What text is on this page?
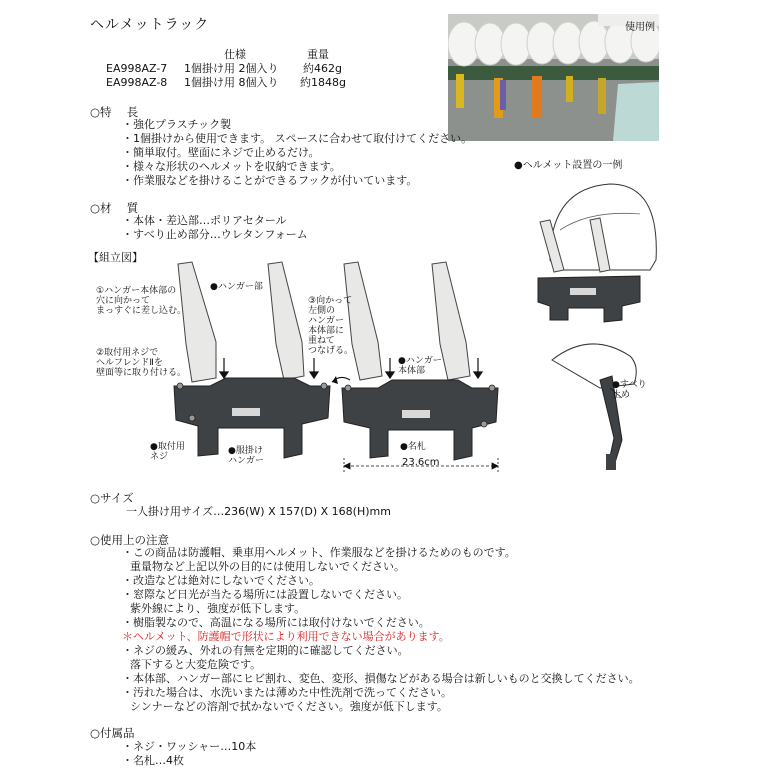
ヘルメットラック
仕様	重量
EA998AZ-7 1個掛け用 2個入り 約462g
EA998AZ-8 1個掛け用 8個入り 約1848g
使用例
○特　 長
・強化プラスチック製
・1個掛けから使用できます。 スペースに合わせて取付けてください。
・簡単取付。壁面にネジで止めるだけ。
・様々な形状のヘルメットを収納できます。
・作業服などを掛けることができるフックが付いています。
○材　 質
・本体・差込部…ポリアセタール
・すべり止め部分…ウレタンフォーム
【組立図】
①ハンガー本体部の
穴に向かって
まっすぐに差し込む。
②取付用ネジで
ヘルフレンドⅡを
壁面等に取り付ける。
③向かって
左側の
ハンガー
本体部に
重ねて
つなげる。
●ハンガー部
●ハンガー
本体部
●取付用
ネジ
●服掛け
ハンガー
●名札
23.6cm
●ヘルメット設置の一例
●すべり
止め
○サイズ
一人掛け用サイズ…236(W) X 157(D) X 168(H)mm
○使用上の注意
・この商品は防護帽、乗車用ヘルメット、作業服などを掛けるためのものです。
重量物など上記以外の目的には使用しないでください。
・改造などは絶対にしないでください。
・窓際など日光が当たる場所には設置しないでください。
紫外線により、強度が低下します。
・樹脂製なので、高温になる場所には取付けないでください。
＊ヘルメット、防護帽で形状により利用できない場合があります。
・ネジの緩み、外れの有無を定期的に確認してください。
落下すると大変危険です。
・本体部、ハンガー部にヒビ割れ、変色、変形、損傷などがある場合は新しいものと交換してください。
・汚れた場合は、水洗いまたは薄めた中性洗剤で洗ってください。
シンナーなどの溶剤で拭かないでください。強度が低下します。
○付属品
・ネジ・ワッシャー…10本
・名札…4枚
